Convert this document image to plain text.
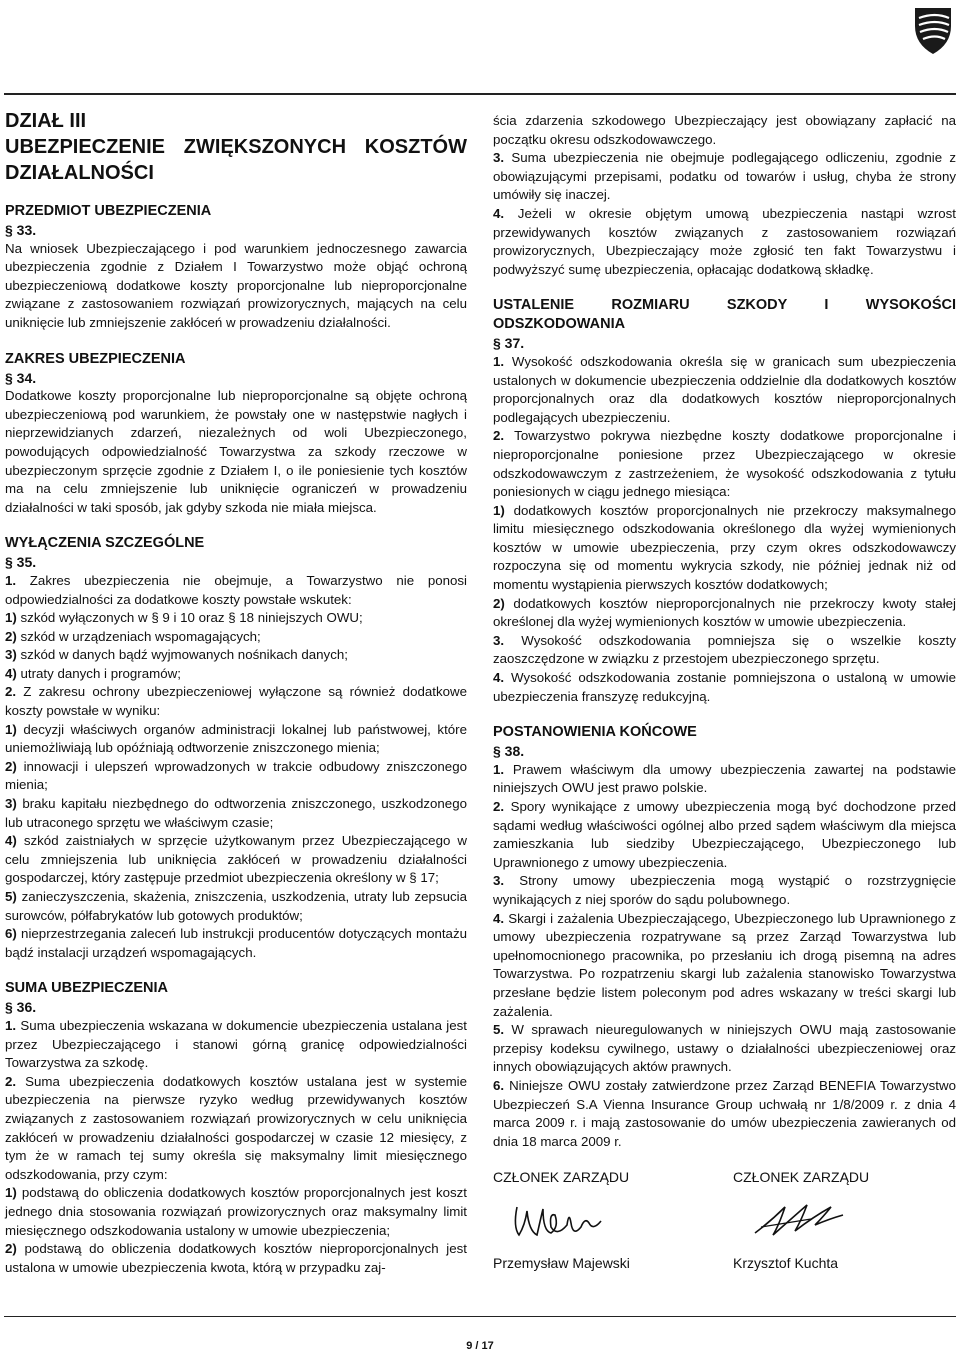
DZIAŁ III
UBEZPIECZENIE ZWIĘKSZONYCH KOSZTÓW DZIAŁALNOŚCI
PRZEDMIOT UBEZPIECZENIA
§ 33.

Na wniosek Ubezpieczającego i pod warunkiem jednoczesnego zawarcia ubezpieczenia zgodnie z Działem I Towarzystwo może objąć ochroną ubezpieczeniową dodatkowe koszty proporcjonalne lub nieproporcjonalne związane z zastosowaniem rozwiązań prowizorycznych, mających na celu uniknięcie lub zmniejszenie zakłóceń w prowadzeniu działalności.

ZAKRES UBEZPIECZENIA
§ 34.

Dodatkowe koszty proporcjonalne lub nieproporcjonalne są objęte ochroną ubezpieczeniową pod warunkiem, że powstały one w następstwie nagłych i nieprzewidzianych zdarzeń, niezależnych od woli Ubezpieczonego, powodujących odpowiedzialność Towarzystwa za szkody rzeczowe w ubezpieczonym sprzęcie zgodnie z Działem I, o ile poniesienie tych kosztów ma na celu zmniejszenie lub uniknięcie ograniczeń w prowadzeniu działalności w taki sposób, jak gdyby szkoda nie miała miejsca.

WYŁĄCZENIA SZCZEGÓLNE
§ 35.

1. Zakres ubezpieczenia nie obejmuje, a Towarzystwo nie ponosi odpowiedzialności za dodatkowe koszty powstałe wskutek:

1) szkód wyłączonych w § 9 i 10 oraz § 18 niniejszych OWU;

2) szkód w urządzeniach wspomagających;

3) szkód w danych bądź wyjmowanych nośnikach danych;

4) utraty danych i programów;

2. Z zakresu ochrony ubezpieczeniowej wyłączone są również dodatkowe koszty powstałe w wyniku:

1) decyzji właściwych organów administracji lokalnej lub państwowej, które uniemożliwiają lub opóźniają odtworzenie zniszczonego mienia;

2) innowacji i ulepszeń wprowadzonych w trakcie odbudowy zniszczonego mienia;

3) braku kapitału niezbędnego do odtworzenia zniszczonego, uszkodzonego lub utraconego sprzętu we właściwym czasie;

4) szkód zaistniałych w sprzęcie użytkowanym przez Ubezpieczającego w celu zmniejszenia lub uniknięcia zakłóceń w prowadzeniu działalności gospodarczej, który zastępuje przedmiot ubezpieczenia określony w § 17;

5) zanieczyszczenia, skażenia, zniszczenia, uszkodzenia, utraty lub zepsucia surowców, półfabrykatów lub gotowych produktów;

6) nieprzestrzegania zaleceń lub instrukcji producentów dotyczących montażu bądź instalacji urządzeń wspomagających.

SUMA UBEZPIECZENIA
§ 36.

1. Suma ubezpieczenia wskazana w dokumencie ubezpieczenia ustalana jest przez Ubezpieczającego i stanowi górną granicę odpowiedzialności Towarzystwa za szkodę.

2. Suma ubezpieczenia dodatkowych kosztów ustalana jest w systemie ubezpieczenia na pierwsze ryzyko według przewidywanych kosztów związanych z zastosowaniem rozwiązań prowizorycznych w celu uniknięcia zakłóceń w prowadzeniu działalności gospodarczej w czasie 12 miesięcy, z tym że w ramach tej sumy określa się maksymalny limit miesięcznego odszkodowania, przy czym:

1) podstawą do obliczenia dodatkowych kosztów proporcjonalnych jest koszt jednego dnia stosowania rozwiązań prowizorycznych oraz maksymalny limit miesięcznego odszkodowania ustalony w umowie ubezpieczenia;

2) podstawą do obliczenia dodatkowych kosztów nieproporcjonalnych jest ustalona w umowie ubezpieczenia kwota, którą w przypadku zaj-

ścia zdarzenia szkodowego Ubezpieczający jest obowiązany zapłacić na początku okresu odszkodowawczego.

3. Suma ubezpieczenia nie obejmuje podlegającego odliczeniu, zgodnie z obowiązującymi przepisami, podatku od towarów i usług, chyba że strony umówiły się inaczej.

4. Jeżeli w okresie objętym umową ubezpieczenia nastąpi wzrost przewidywanych kosztów związanych z zastosowaniem rozwiązań prowizorycznych, Ubezpieczający może zgłosić ten fakt Towarzystwu i podwyższyć sumę ubezpieczenia, opłacając dodatkową składkę.

USTALENIE ROZMIARU SZKODY I WYSOKOŚCI ODSZKODOWANIA
§ 37.

1. Wysokość odszkodowania określa się w granicach sum ubezpieczenia ustalonych w dokumencie ubezpieczenia oddzielnie dla dodatkowych kosztów proporcjonalnych oraz dla dodatkowych kosztów nieproporcjonalnych podlegających ubezpieczeniu.

2. Towarzystwo pokrywa niezbędne koszty dodatkowe proporcjonalne i nieproporcjonalne poniesione przez Ubezpieczającego w okresie odszkodowawczym z zastrzeżeniem, że wysokość odszkodowania z tytułu poniesionych w ciągu jednego miesiąca:

1) dodatkowych kosztów proporcjonalnych nie przekroczy maksymalnego limitu miesięcznego odszkodowania określonego dla wyżej wymienionych kosztów w umowie ubezpieczenia, przy czym okres odszkodowawczy rozpoczyna się od momentu wykrycia szkody, nie później jednak niż od momentu wystąpienia pierwszych kosztów dodatkowych;

2) dodatkowych kosztów nieproporcjonalnych nie przekroczy kwoty stałej określonej dla wyżej wymienionych kosztów w umowie ubezpieczenia.

3. Wysokość odszkodowania pomniejsza się o wszelkie koszty zaoszczędzone w związku z przestojem ubezpieczonego sprzętu.

4. Wysokość odszkodowania zostanie pomniejszona o ustaloną w umowie ubezpieczenia franszyzę redukcyjną.

POSTANOWIENIA KOŃCOWE
§ 38.

1. Prawem właściwym dla umowy ubezpieczenia zawartej na podstawie niniejszych OWU jest prawo polskie.

2. Spory wynikające z umowy ubezpieczenia mogą być dochodzone przed sądami według właściwości ogólnej albo przed sądem właściwym dla miejsca zamieszkania lub siedziby Ubezpieczającego, Ubezpieczonego lub Uprawnionego z umowy ubezpieczenia.

3. Strony umowy ubezpieczenia mogą wystąpić o rozstrzygnięcie wynikających z niej sporów do sądu polubownego.

4. Skargi i zażalenia Ubezpieczającego, Ubezpieczonego lub Uprawnionego z umowy ubezpieczenia rozpatrywane są przez Zarząd Towarzystwa lub upełnomocnionego pracownika, po przesłaniu ich drogą pisemną na adres Towarzystwa. Po rozpatrzeniu skargi lub zażalenia stanowisko Towarzystwa przesłane będzie listem poleconym pod adres wskazany w treści skargi lub zażalenia.

5. W sprawach nieuregulowanych w niniejszych OWU mają zastosowanie przepisy kodeksu cywilnego, ustawy o działalności ubezpieczeniowej oraz innych obowiązujących aktów prawnych.

6. Niniejsze OWU zostały zatwierdzone przez Zarząd BENEFIA Towarzystwo Ubezpieczeń S.A Vienna Insurance Group uchwałą nr 1/8/2009 r. z dnia 4 marca 2009 r. i mają zastosowanie do umów ubezpieczenia zawieranych od dnia 18 marca 2009 r.

CZŁONEK ZARZĄDU
Przemysław Majewski
CZŁONEK ZARZĄDU
Krzysztof Kuchta
9 / 17
